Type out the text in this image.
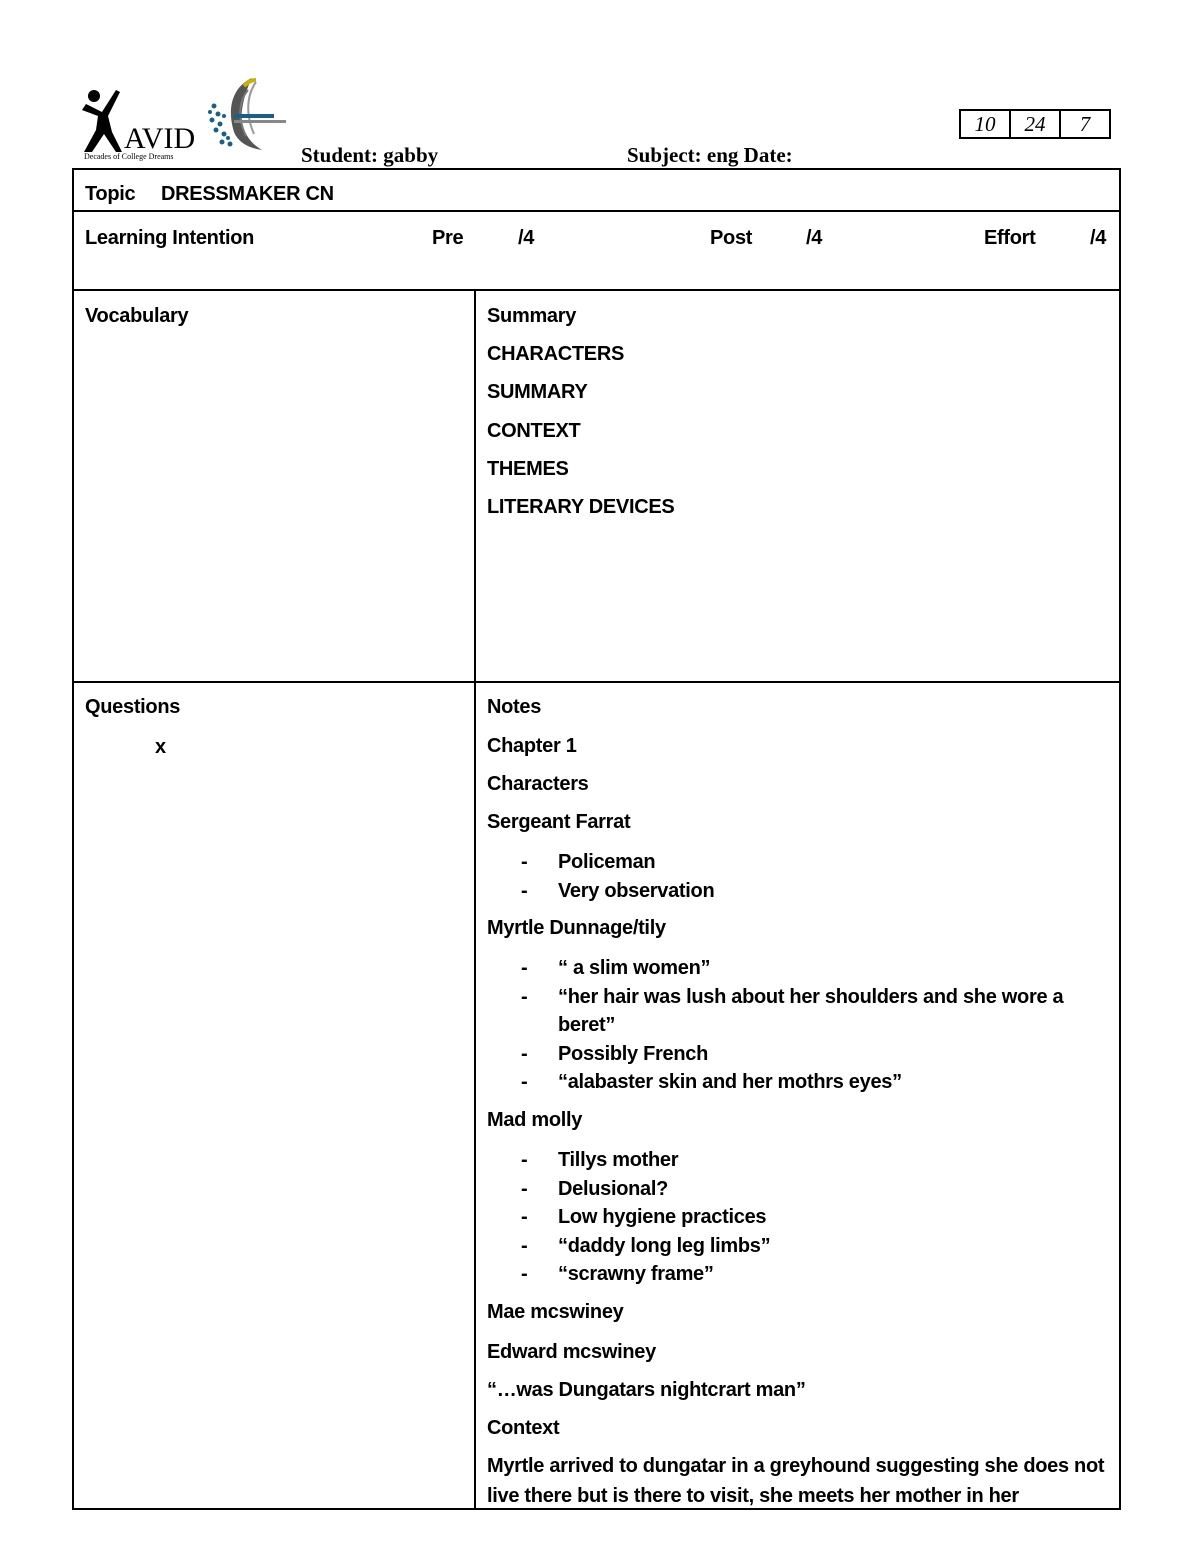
AVID
Decades of College Dreams	Student: gabby	Subject: eng Date:
10	24	7
Topic DRESSMAKER CN
Learning Intention	Pre	/4	Post	/4	Effort	/4
Vocabulary	Summary
CHARACTERS
SUMMARY
CONTEXT
THEMES
LITERARY DEVICES
Questions
x
Notes
Chapter 1
Characters
Sergeant Farrat
- Policeman
- Very observation
Myrtle Dunnage/tily
- “ a slim women”
- “her hair was lush about her shoulders and she wore a beret”
- Possibly French
- “alabaster skin and her mothrs eyes”
Mad molly
- Tillys mother
- Delusional?
- Low hygiene practices
- “daddy long leg limbs”
- “scrawny frame”
Mae mcswiney
Edward mcswiney
“…was Dungatars nightcrart man”
Context
Myrtle arrived to dungatar in a greyhound suggesting she does not live there but is there to visit, she meets her mother in her
